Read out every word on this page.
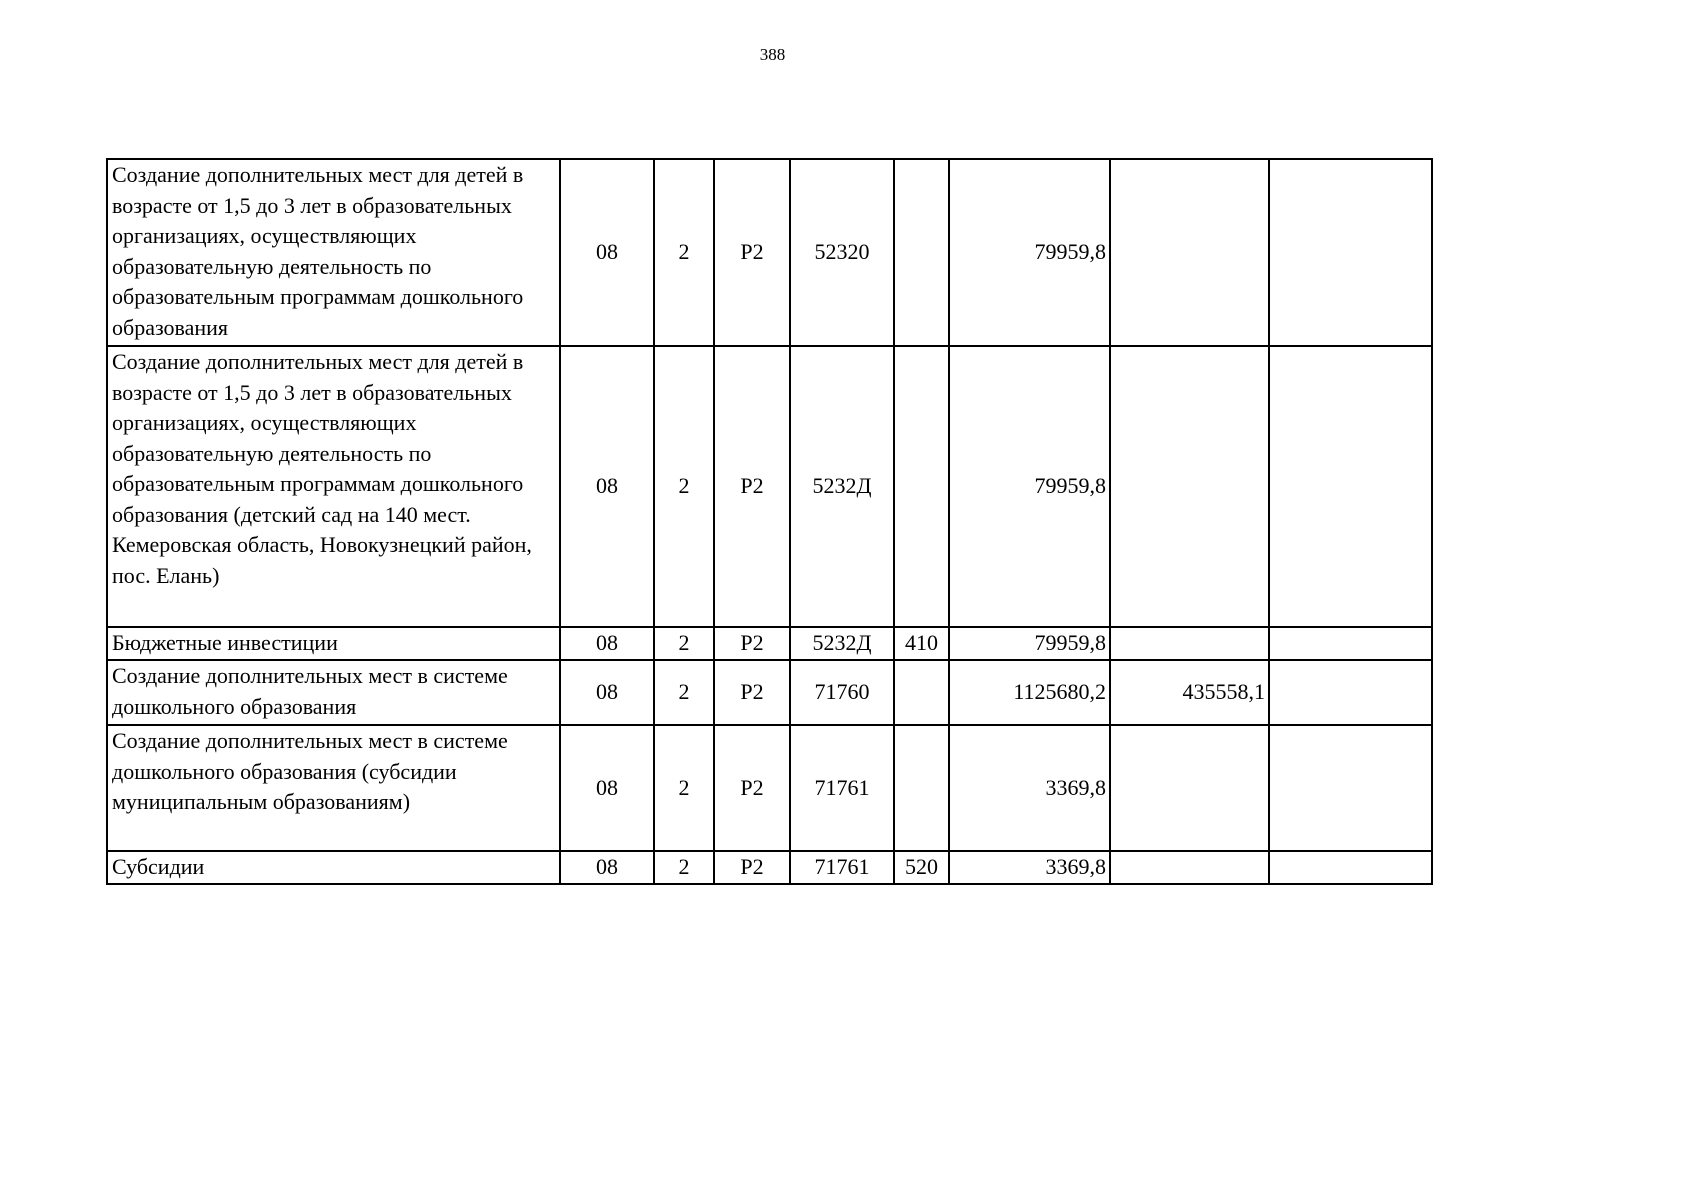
388
Создание дополнительных мест для детей в возрасте от 1,5 до 3 лет в образовательных организациях, осуществляющих образовательную деятельность по образовательным программам дошкольного образования	08	2	Р2	52320		79959,8		
Создание дополнительных мест для детей в возрасте от 1,5 до 3 лет в образовательных организациях, осуществляющих образовательную деятельность по образовательным программам дошкольного образования (детский сад на 140 мест. Кемеровская область, Новокузнецкий район, пос. Елань)	08	2	Р2	5232Д		79959,8		
Бюджетные инвестиции	08	2	Р2	5232Д	410	79959,8		
Создание дополнительных мест в системе дошкольного образования	08	2	Р2	71760		1125680,2	435558,1	
Создание дополнительных мест в системе дошкольного образования (субсидии муниципальным образованиям)	08	2	Р2	71761		3369,8		
Субсидии	08	2	Р2	71761	520	3369,8		
